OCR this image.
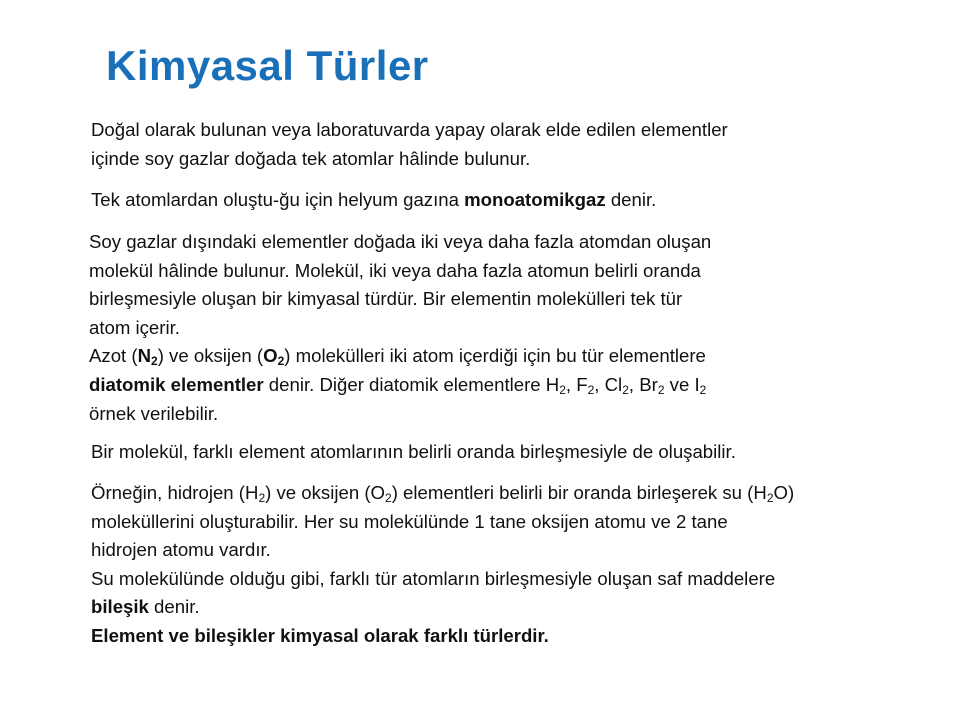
Kimyasal Türler
Doğal olarak bulunan veya laboratuvarda yapay olarak elde edilen elementler
içinde soy gazlar doğada tek atomlar hâlinde bulunur.
Tek atomlardan oluştu-ğu için helyum gazına monoatomikgaz denir.
Soy gazlar dışındaki elementler doğada iki veya daha fazla atomdan oluşan
molekül hâlinde bulunur. Molekül, iki veya daha fazla atomun belirli oranda
birleşmesiyle oluşan bir kimyasal türdür. Bir elementin molekülleri tek tür
atom içerir.
Azot $(N_2)$ ve oksijen $(O_2)$ molekülleri iki atom içerdiği için bu tür elementlere
diatomik elementler denir. Diğer diatomik elementlere $H_2$, $F_2$, $Cl_2$, $Br_2$ ve $I_2$
örnek verilebilir.
Bir molekül, farklı element atomlarının belirli oranda birleşmesiyle de oluşabilir.
Örneğin, hidrojen $(H_2)$ ve oksijen $(O_2)$ elementleri belirli bir oranda birleşerek su $(H_2O)$
moleküllerini oluşturabilir. Her su molekülünde 1 tane oksijen atomu ve 2 tane
hidrojen atomu vardır.
Su molekülünde olduğu gibi, farklı tür atomların birleşmesiyle oluşan saf maddelere
bileşik denir.
Element ve bileşikler kimyasal olarak farklı türlerdir.
